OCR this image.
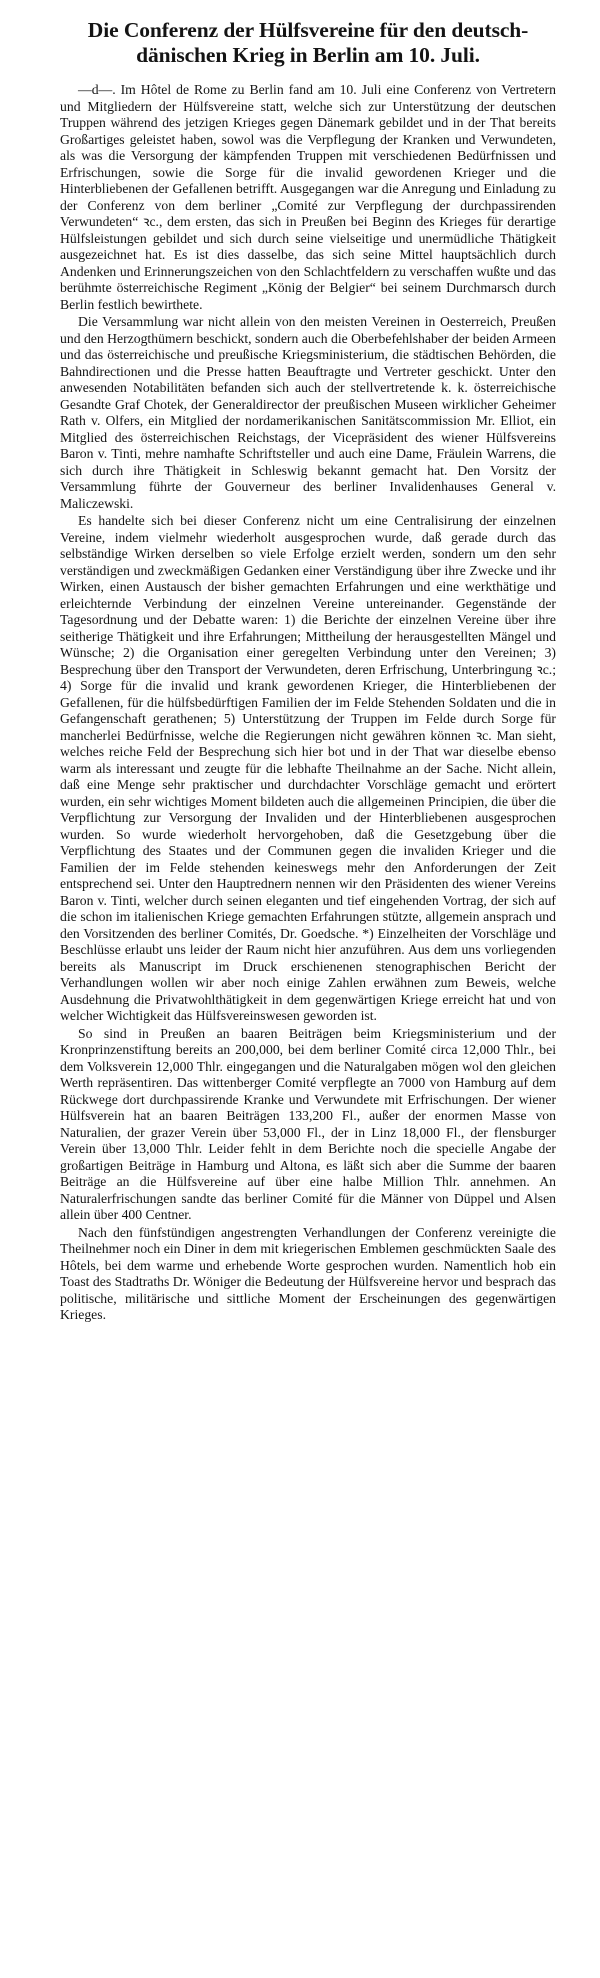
Die Conferenz der Hülfsvereine für den deutsch-dänischen Krieg in Berlin am 10. Juli.

—d—. Im Hôtel de Rome zu Berlin fand am 10. Juli eine Conferenz von Vertretern und Mitgliedern der Hülfsvereine statt, welche sich zur Unterstützung der deutschen Truppen während des jetzigen Krieges gegen Dänemark gebildet und in der That bereits Großartiges geleistet haben, sowol was die Verpflegung der Kranken und Verwundeten, als was die Versorgung der kämpfenden Truppen mit verschiedenen Bedürfnissen und Erfrischungen, sowie die Sorge für die invalid gewordenen Krieger und die Hinterbliebenen der Gefallenen betrifft. Ausgegangen war die Anregung und Einladung zu der Conferenz von dem berliner „Comité zur Verpflegung der durchpassirenden Verwundeten“ ꝛc., dem ersten, das sich in Preußen bei Beginn des Krieges für derartige Hülfsleistungen gebildet und sich durch seine vielseitige und unermüdliche Thätigkeit ausgezeichnet hat. Es ist dies dasselbe, das sich seine Mittel hauptsächlich durch Andenken und Erinnerungszeichen von den Schlachtfeldern zu verschaffen wußte und das berühmte österreichische Regiment „König der Belgier“ bei seinem Durchmarsch durch Berlin festlich bewirthete.

Die Versammlung war nicht allein von den meisten Vereinen in Oesterreich, Preußen und den Herzogthümern beschickt, sondern auch die Oberbefehlshaber der beiden Armeen und das österreichische und preußische Kriegsministerium, die städtischen Behörden, die Bahndirectionen und die Presse hatten Beauftragte und Vertreter geschickt. Unter den anwesenden Notabilitäten befanden sich auch der stellvertretende k. k. österreichische Gesandte Graf Chotek, der Generaldirector der preußischen Museen wirklicher Geheimer Rath v. Olfers, ein Mitglied der nordamerikanischen Sanitätscommission Mr. Elliot, ein Mitglied des österreichischen Reichstags, der Vicepräsident des wiener Hülfsvereins Baron v. Tinti, mehre namhafte Schriftsteller und auch eine Dame, Fräulein Warrens, die sich durch ihre Thätigkeit in Schleswig bekannt gemacht hat. Den Vorsitz der Versammlung führte der Gouverneur des berliner Invalidenhauses General v. Maliczewski.

Es handelte sich bei dieser Conferenz nicht um eine Centralisirung der einzelnen Vereine, indem vielmehr wiederholt ausgesprochen wurde, daß gerade durch das selbständige Wirken derselben so viele Erfolge erzielt werden, sondern um den sehr verständigen und zweckmäßigen Gedanken einer Verständigung über ihre Zwecke und ihr Wirken, einen Austausch der bisher gemachten Erfahrungen und eine werkthätige und erleichternde Verbindung der einzelnen Vereine untereinander. Gegenstände der Tagesordnung und der Debatte waren: 1) die Berichte der einzelnen Vereine über ihre seitherige Thätigkeit und ihre Erfahrungen; Mittheilung der herausgestellten Mängel und Wünsche; 2) die Organisation einer geregelten Verbindung unter den Vereinen; 3) Besprechung über den Transport der Verwundeten, deren Erfrischung, Unterbringung ꝛc.; 4) Sorge für die invalid und krank gewordenen Krieger, die Hinterbliebenen der Gefallenen, für die hülfsbedürftigen Familien der im Felde Stehenden Soldaten und die in Gefangenschaft gerathenen; 5) Unterstützung der Truppen im Felde durch Sorge für mancherlei Bedürfnisse, welche die Regierungen nicht gewähren können ꝛc. Man sieht, welches reiche Feld der Besprechung sich hier bot und in der That war dieselbe ebenso warm als interessant und zeugte für die lebhafte Theilnahme an der Sache. Nicht allein, daß eine Menge sehr praktischer und durchdachter Vorschläge gemacht und erörtert wurden, ein sehr wichtiges Moment bildeten auch die allgemeinen Principien, die über die Verpflichtung zur Versorgung der Invaliden und der Hinterbliebenen ausgesprochen wurden. So wurde wiederholt hervorgehoben, daß die Gesetzgebung über die Verpflichtung des Staates und der Communen gegen die invaliden Krieger und die Familien der im Felde stehenden keineswegs mehr den Anforderungen der Zeit entsprechend sei. Unter den Hauptrednern nennen wir den Präsidenten des wiener Vereins Baron v. Tinti, welcher durch seinen eleganten und tief eingehenden Vortrag, der sich auf die schon im italienischen Kriege gemachten Erfahrungen stützte, allgemein ansprach und den Vorsitzenden des berliner Comités, Dr. Goedsche. *) Einzelheiten der Vorschläge und Beschlüsse erlaubt uns leider der Raum nicht hier anzuführen. Aus dem uns vorliegenden bereits als Manuscript im Druck erschienenen stenographischen Bericht der Verhandlungen wollen wir aber noch einige Zahlen erwähnen zum Beweis, welche Ausdehnung die Privatwohlthätigkeit in dem gegenwärtigen Kriege erreicht hat und von welcher Wichtigkeit das Hülfsvereinswesen geworden ist.

So sind in Preußen an baaren Beiträgen beim Kriegsministerium und der Kronprinzenstiftung bereits an 200,000, bei dem berliner Comité circa 12,000 Thlr., bei dem Volksverein 12,000 Thlr. eingegangen und die Naturalgaben mögen wol den gleichen Werth repräsentiren. Das wittenberger Comité verpflegte an 7000 von Hamburg auf dem Rückwege dort durchpassirende Kranke und Verwundete mit Erfrischungen. Der wiener Hülfsverein hat an baaren Beiträgen 133,200 Fl., außer der enormen Masse von Naturalien, der grazer Verein über 53,000 Fl., der in Linz 18,000 Fl., der flensburger Verein über 13,000 Thlr. Leider fehlt in dem Berichte noch die specielle Angabe der großartigen Beiträge in Hamburg und Altona, es läßt sich aber die Summe der baaren Beiträge an die Hülfsvereine auf über eine halbe Million Thlr. annehmen. An Naturalerfrischungen sandte das berliner Comité für die Männer von Düppel und Alsen allein über 400 Centner.

Nach den fünfstündigen angestrengten Verhandlungen der Conferenz vereinigte die Theilnehmer noch ein Diner in dem mit kriegerischen Emblemen geschmückten Saale des Hôtels, bei dem warme und erhebende Worte gesprochen wurden. Namentlich hob ein Toast des Stadtraths Dr. Wöniger die Bedeutung der Hülfsvereine hervor und besprach das politische, militärische und sittliche Moment der Erscheinungen des gegenwärtigen Krieges.
